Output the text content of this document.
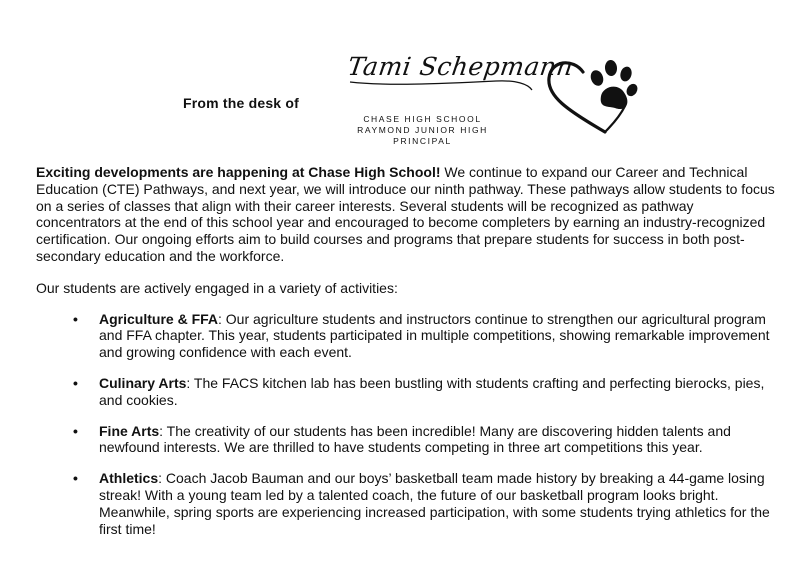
From the desk of
Tami Schepmann
CHASE HIGH SCHOOL
RAYMOND JUNIOR HIGH
PRINCIPAL

Exciting developments are happening at Chase High School! We continue to expand our Career and Technical Education (CTE) Pathways, and next year, we will introduce our ninth pathway. These pathways allow students to focus on a series of classes that align with their career interests. Several students will be recognized as pathway concentrators at the end of this school year and encouraged to become completers by earning an industry-recognized certification. Our ongoing efforts aim to build courses and programs that prepare students for success in both post-secondary education and the workforce.

Our students are actively engaged in a variety of activities:

• Agriculture & FFA: Our agriculture students and instructors continue to strengthen our agricultural program and FFA chapter. This year, students participated in multiple competitions, showing remarkable improvement and growing confidence with each event.
• Culinary Arts: The FACS kitchen lab has been bustling with students crafting and perfecting bierocks, pies, and cookies.
• Fine Arts: The creativity of our students has been incredible! Many are discovering hidden talents and newfound interests. We are thrilled to have students competing in three art competitions this year.
• Athletics: Coach Jacob Bauman and our boys’ basketball team made history by breaking a 44-game losing streak! With a young team led by a talented coach, the future of our basketball program looks bright. Meanwhile, spring sports are experiencing increased participation, with some students trying athletics for the first time!
